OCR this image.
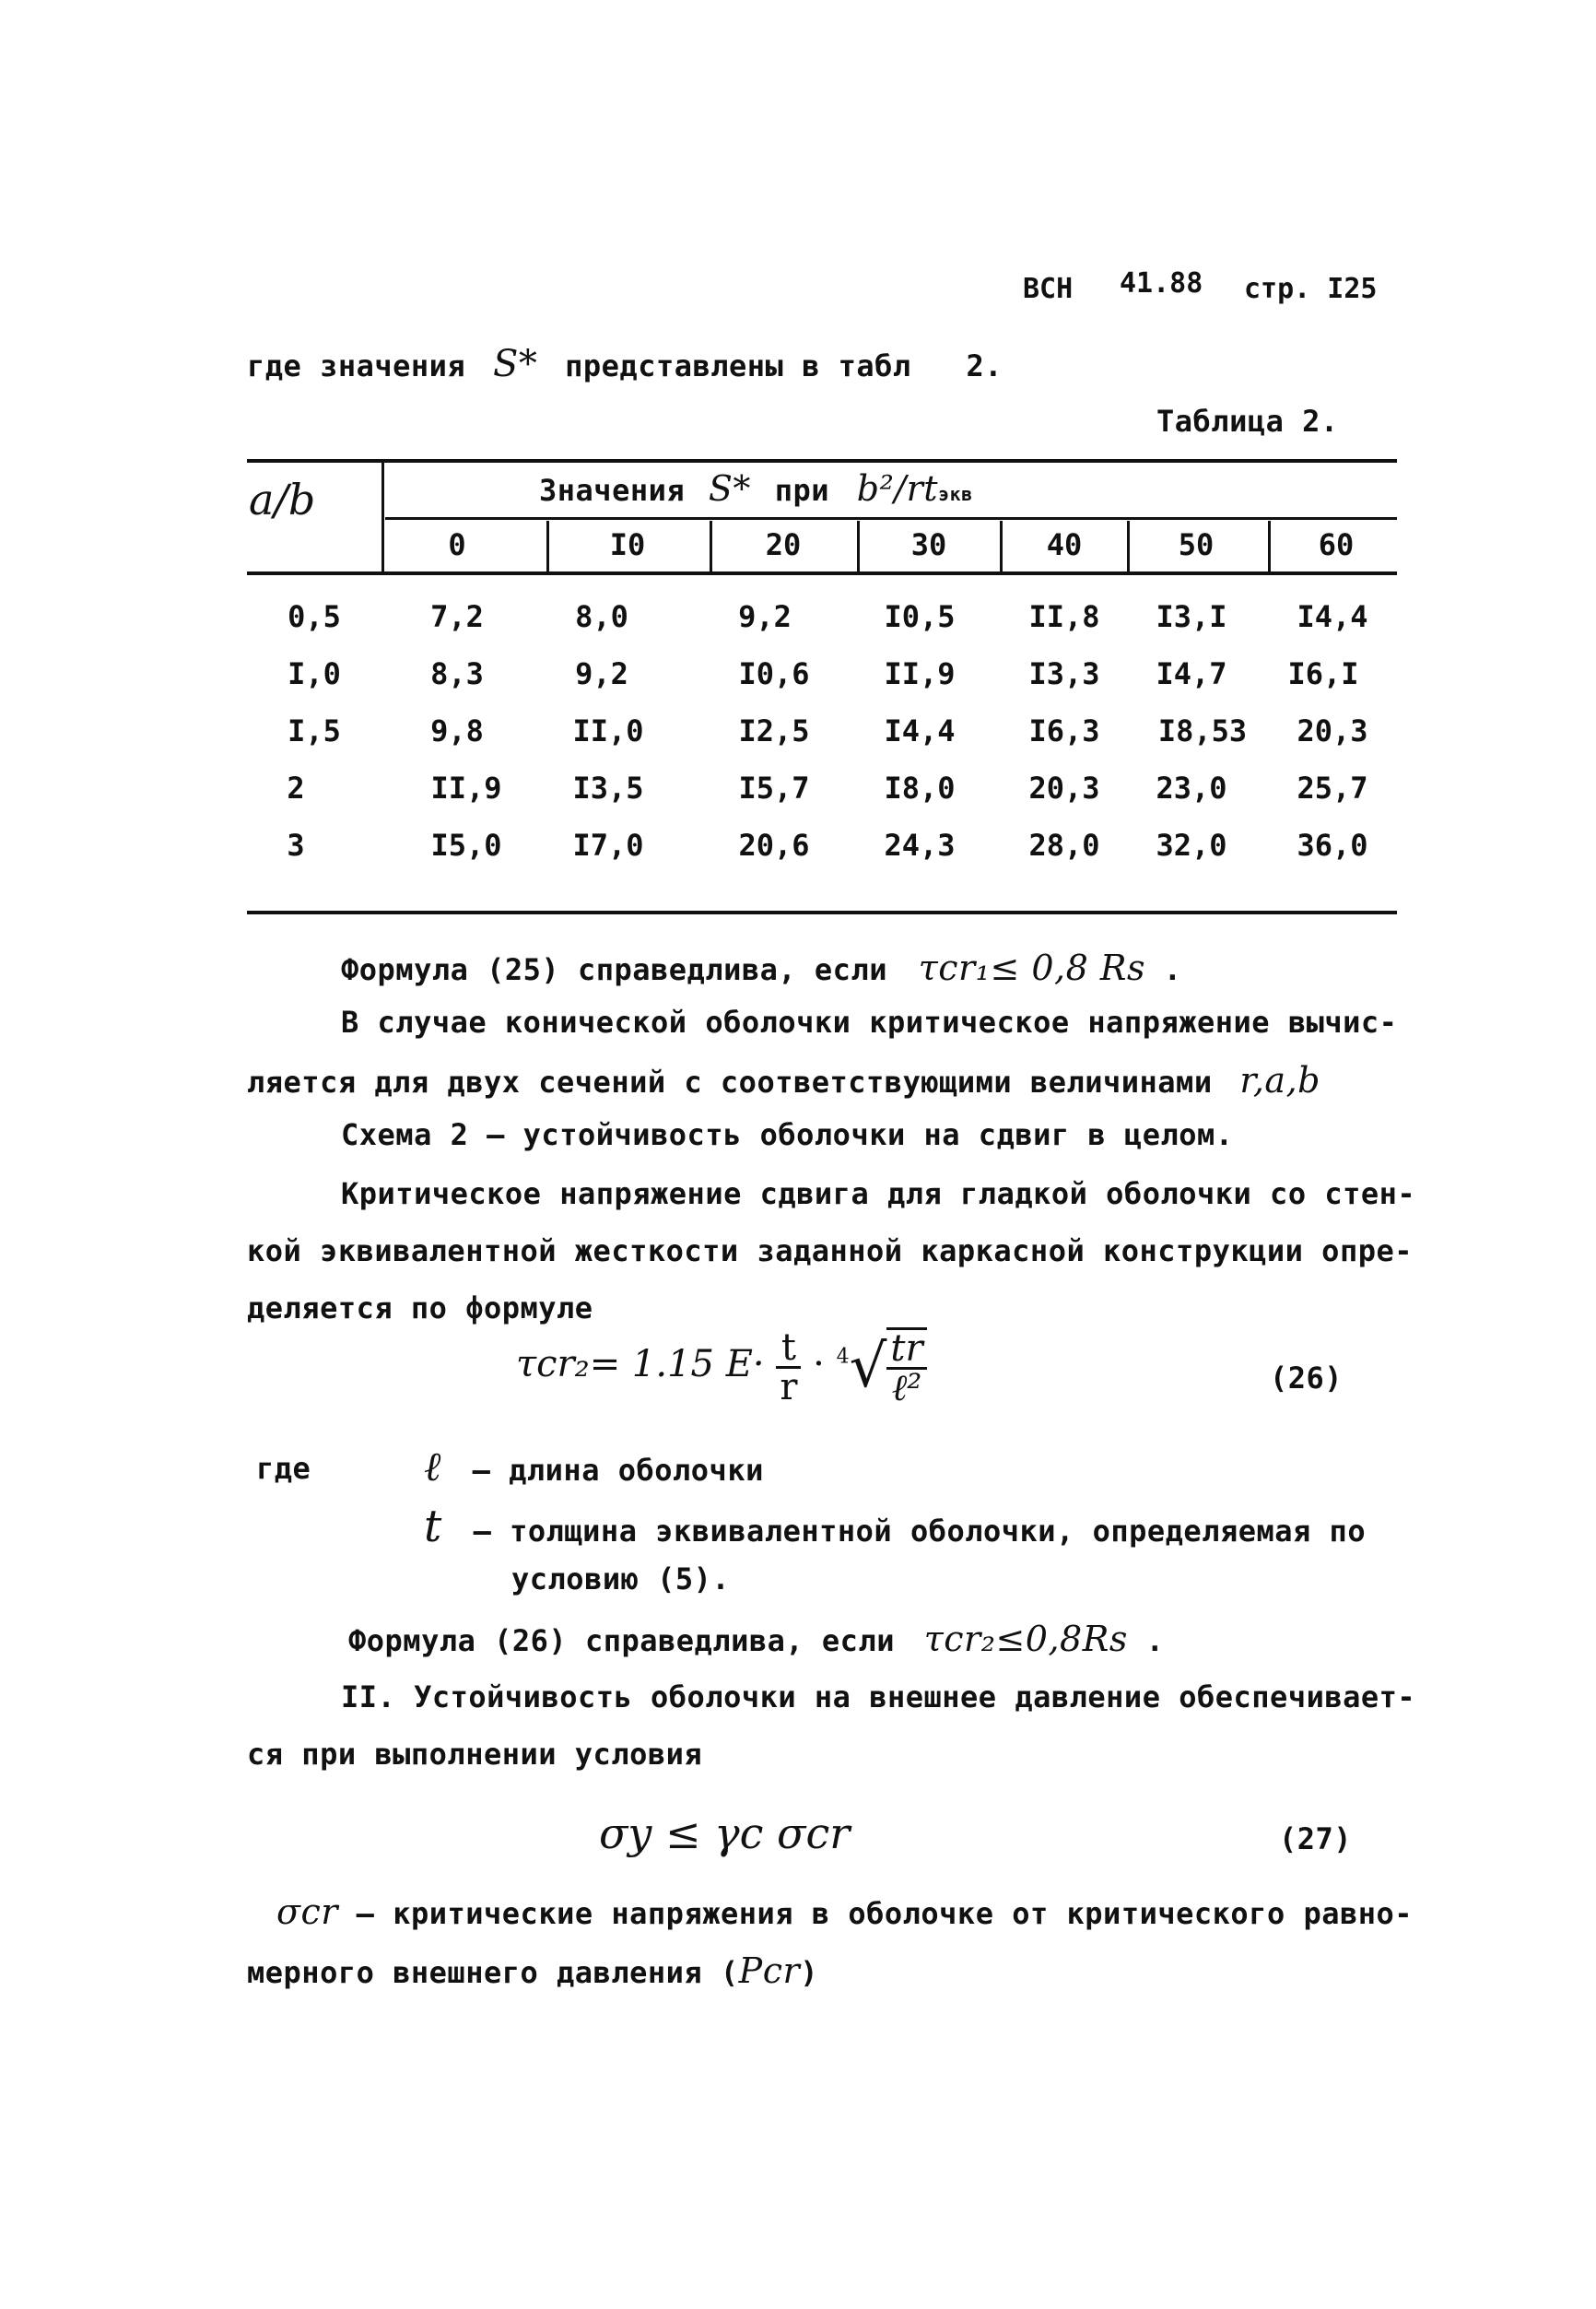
ВСН 41.88 стр. I25
где значения S* представлены в табл 2.
Таблица 2.
a/b	Значения S* при b²/rtэкв
0	I0	20	30	40	50	60
0,5	7,2	8,0	9,2	I0,5	II,8	I3,I	I4,4
I,0	8,3	9,2	I0,6	II,9	I3,3	I4,7	I6,I
I,5	9,8	II,0	I2,5	I4,4	I6,3	I8,53	20,3
2	II,9	I3,5	I5,7	I8,0	20,3	23,0	25,7
3	I5,0	I7,0	20,6	24,3	28,0	32,0	36,0
Формула (25) справедлива, если τcr₁≤ 0,8 Rs .
В случае конической оболочки критическое напряжение вычис-
ляется для двух сечений с соответствующими величинами r,a,b
Схема 2 – устойчивость оболочки на сдвиг в целом.
Критическое напряжение сдвига для гладкой оболочки со стен-
кой эквивалентной жесткости заданной каркасной конструкции опре-
деляется по формуле
τcr₂= 1.15 $E\cdot \frac{t}{r} \cdot ^4√ \frac{tr}{\text{ℓ²}}$	(26)
где	ℓ – длина оболочки
t – толщина эквивалентной оболочки, определяемая по
условию (5).
Формула (26) справедлива, если τcr₂≤0,8Rs .
II. Устойчивость оболочки на внешнее давление обеспечивает-
ся при выполнении условия
σy ≤ γc σcr	(27)
σcr – критические напряжения в оболочке от критического равно-
мерного внешнего давления (Pcr)
